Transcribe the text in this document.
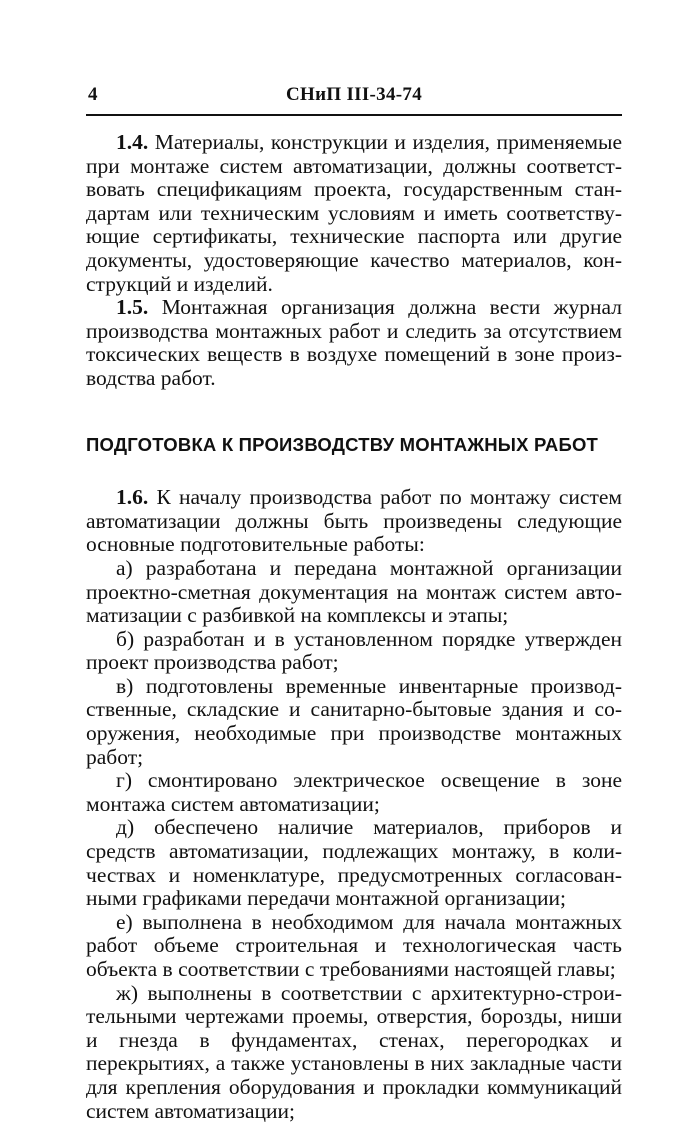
4	СНиП III-34-74

1.4. Материалы, конструкции и изделия, применяемые при монтаже систем автоматизации, должны соответствовать спецификациям проекта, государственным стандартам или техническим условиям и иметь соответствующие сертификаты, технические паспорта или другие документы, удостоверяющие качество материалов, конструкций и изделий.

1.5. Монтажная организация должна вести журнал производства монтажных работ и следить за отсутствием токсических веществ в воздухе помещений в зоне производства работ.

ПОДГОТОВКА К ПРОИЗВОДСТВУ МОНТАЖНЫХ РАБОТ

1.6. К началу производства работ по монтажу систем автоматизации должны быть произведены следующие основные подготовительные работы:

а) разработана и передана монтажной организации проектно-сметная документация на монтаж систем автоматизации с разбивкой на комплексы и этапы;

б) разработан и в установленном порядке утвержден проект производства работ;

в) подготовлены временные инвентарные производственные, складские и санитарно-бытовые здания и сооружения, необходимые при производстве монтажных работ;

г) смонтировано электрическое освещение в зоне монтажа систем автоматизации;

д) обеспечено наличие материалов, приборов и средств автоматизации, подлежащих монтажу, в количествах и номенклатуре, предусмотренных согласованными графиками передачи монтажной организации;

е) выполнена в необходимом для начала монтажных работ объеме строительная и технологическая часть объекта в соответствии с требованиями настоящей главы;

ж) выполнены в соответствии с архитектурно-строительными чертежами проемы, отверстия, борозды, ниши и гнезда в фундаментах, стенах, перегородках и перекрытиях, а также установлены в них закладные части для крепления оборудования и прокладки коммуникаций систем автоматизации;
